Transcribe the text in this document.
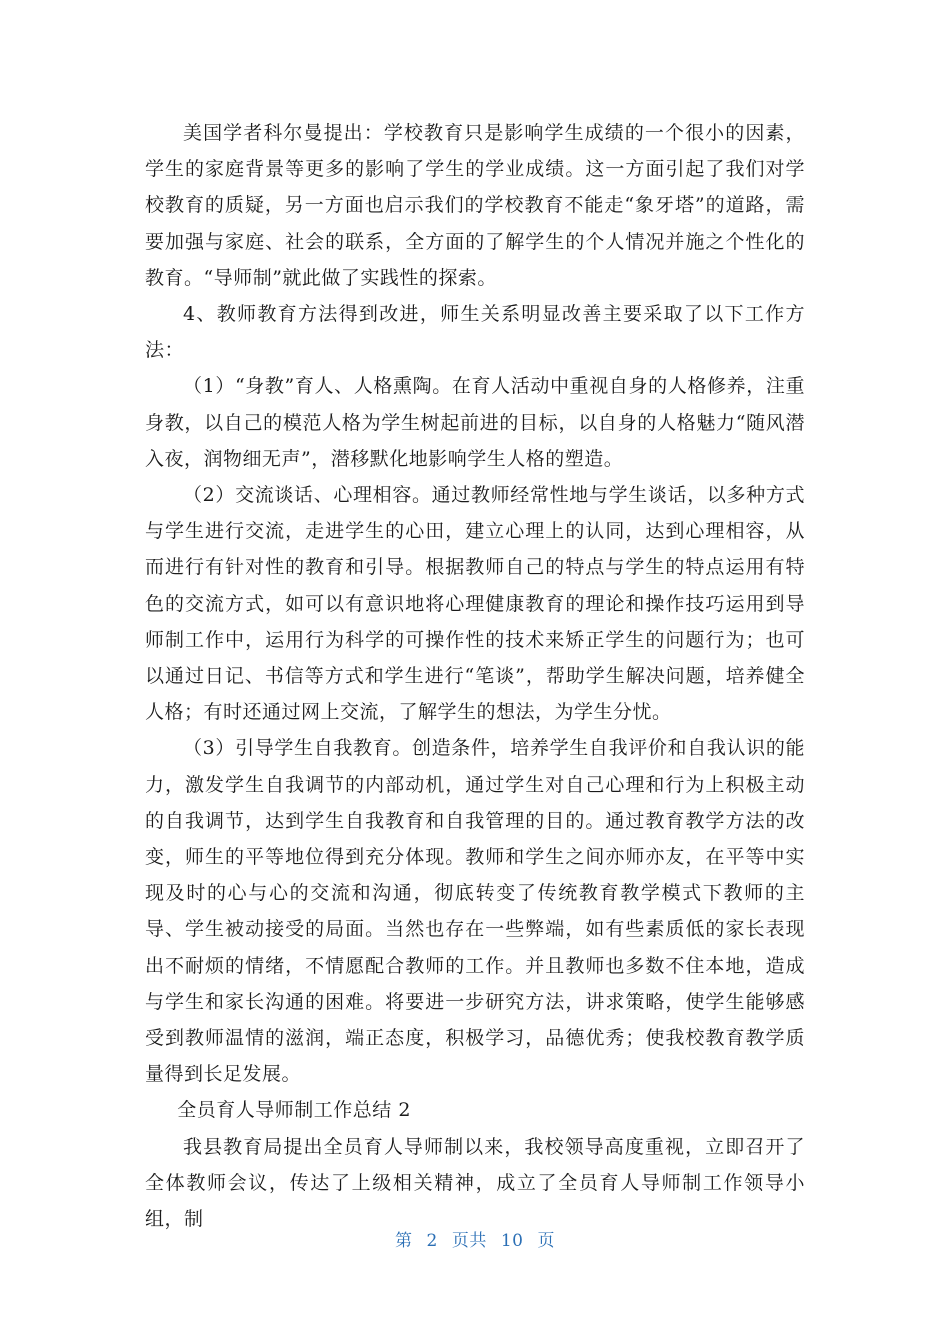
美国学者科尔曼提出：学校教育只是影响学生成绩的一个很小的因素，学生的家庭背景等更多的影响了学生的学业成绩。这一方面引起了我们对学校教育的质疑，另一方面也启示我们的学校教育不能走“象牙塔”的道路，需要加强与家庭、社会的联系，全方面的了解学生的个人情况并施之个性化的教育。“导师制”就此做了实践性的探索。

4、教师教育方法得到改进，师生关系明显改善主要采取了以下工作方法：

（1）“身教”育人、人格熏陶。在育人活动中重视自身的人格修养，注重身教，以自己的模范人格为学生树起前进的目标，以自身的人格魅力“随风潜入夜，润物细无声”，潜移默化地影响学生人格的塑造。

（2）交流谈话、心理相容。通过教师经常性地与学生谈话，以多种方式与学生进行交流，走进学生的心田，建立心理上的认同，达到心理相容，从而进行有针对性的教育和引导。根据教师自己的特点与学生的特点运用有特色的交流方式，如可以有意识地将心理健康教育的理论和操作技巧运用到导师制工作中，运用行为科学的可操作性的技术来矫正学生的问题行为；也可以通过日记、书信等方式和学生进行“笔谈”，帮助学生解决问题，培养健全人格；有时还通过网上交流，了解学生的想法，为学生分忧。

（3）引导学生自我教育。创造条件，培养学生自我评价和自我认识的能力，激发学生自我调节的内部动机，通过学生对自己心理和行为上积极主动的自我调节，达到学生自我教育和自我管理的目的。通过教育教学方法的改变，师生的平等地位得到充分体现。教师和学生之间亦师亦友，在平等中实现及时的心与心的交流和沟通，彻底转变了传统教育教学模式下教师的主导、学生被动接受的局面。当然也存在一些弊端，如有些素质低的家长表现出不耐烦的情绪，不情愿配合教师的工作。并且教师也多数不住本地，造成与学生和家长沟通的困难。将要进一步研究方法，讲求策略，使学生能够感受到教师温情的滋润，端正态度，积极学习，品德优秀；使我校教育教学质量得到长足发展。

全员育人导师制工作总结 2

我县教育局提出全员育人导师制以来，我校领导高度重视，立即召开了全体教师会议，传达了上级相关精神，成立了全员育人导师制工作领导小组，制

第 2 页共 10 页
